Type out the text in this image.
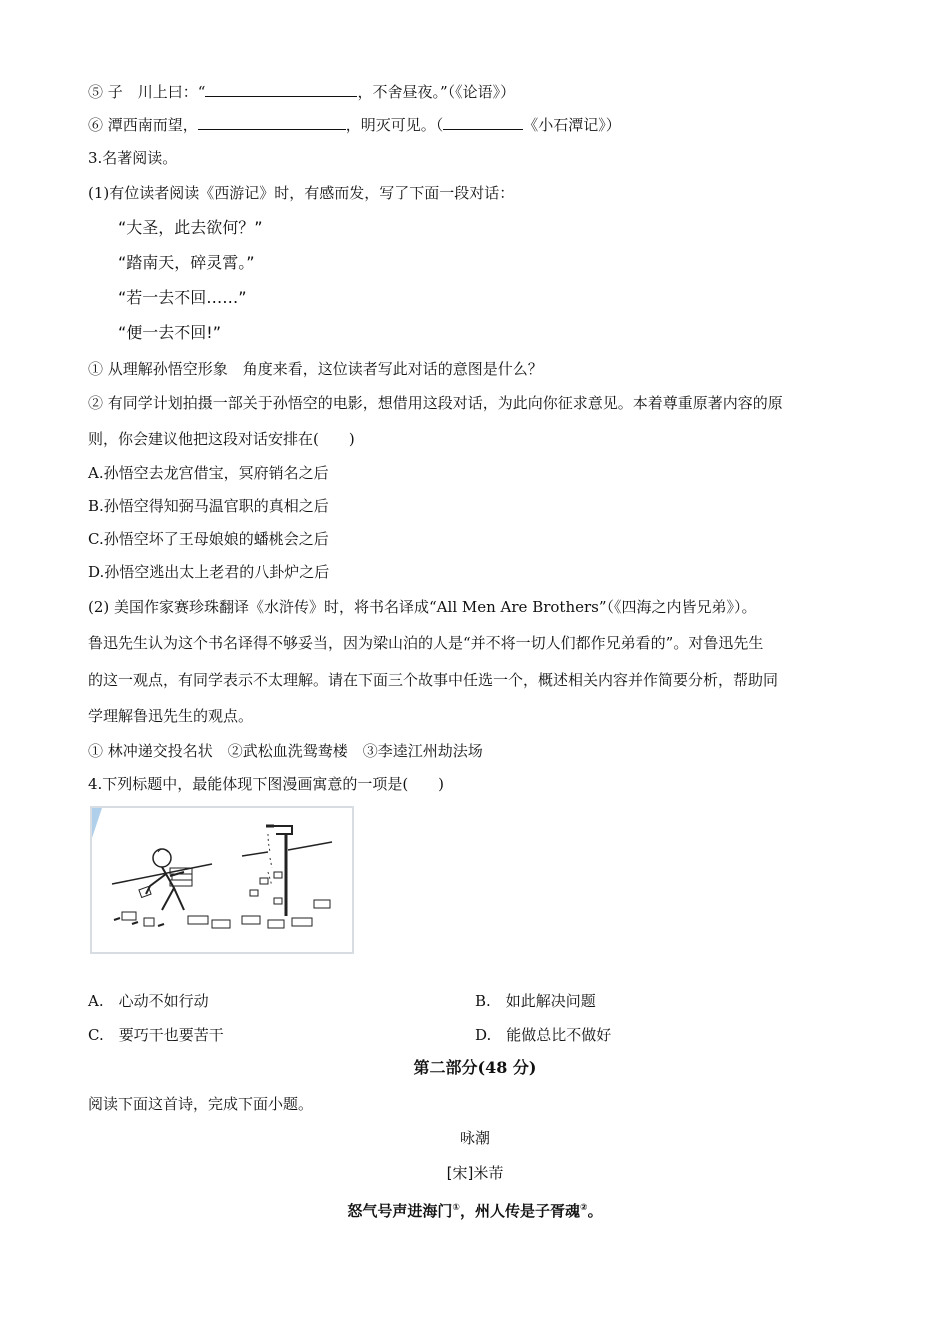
⑤ 子　川上曰：“	，不舍昼夜。”（《论语》）
⑥ 潭西南而望，	，明灭可见。（	《小石潭记》）
3.名著阅读。
(1)有位读者阅读《西游记》时，有感而发，写了下面一段对话：
“大圣，此去欲何？”
“踏南天，碎灵霄。”
“若一去不回……”
“便一去不回!”
① 从理解孙悟空形象　角度来看，这位读者写此对话的意图是什么？
② 有同学计划拍摄一部关于孙悟空的电影，想借用这段对话，为此向你征求意见。本着尊重原著内容的原
则，你会建议他把这段对话安排在(　　)
A.孙悟空去龙宫借宝，冥府销名之后
B.孙悟空得知弼马温官职的真相之后
C.孙悟空坏了王母娘娘的蟠桃会之后
D.孙悟空逃出太上老君的八卦炉之后
(2) 美国作家赛珍珠翻译《水浒传》时，将书名译成“All Men Are Brothers”（《四海之内皆兄弟》）。
鲁迅先生认为这个书名译得不够妥当，因为梁山泊的人是“并不将一切人们都作兄弟看的”。对鲁迅先生
的这一观点，有同学表示不太理解。请在下面三个故事中任选一个，概述相关内容并作简要分析，帮助同
学理解鲁迅先生的观点。
① 林冲递交投名状　②武松血洗鸳鸯楼　③李逵江州劫法场
4.下列标题中，最能体现下图漫画寓意的一项是(　　)
A.　心动不如行动	B.　如此解决问题
C.　要巧干也要苦干	D.　能做总比不做好
第二部分(48 分)
阅读下面这首诗，完成下面小题。
咏潮
[宋]米芾
怒气号声进海门①，州人传是子胥魂②。
